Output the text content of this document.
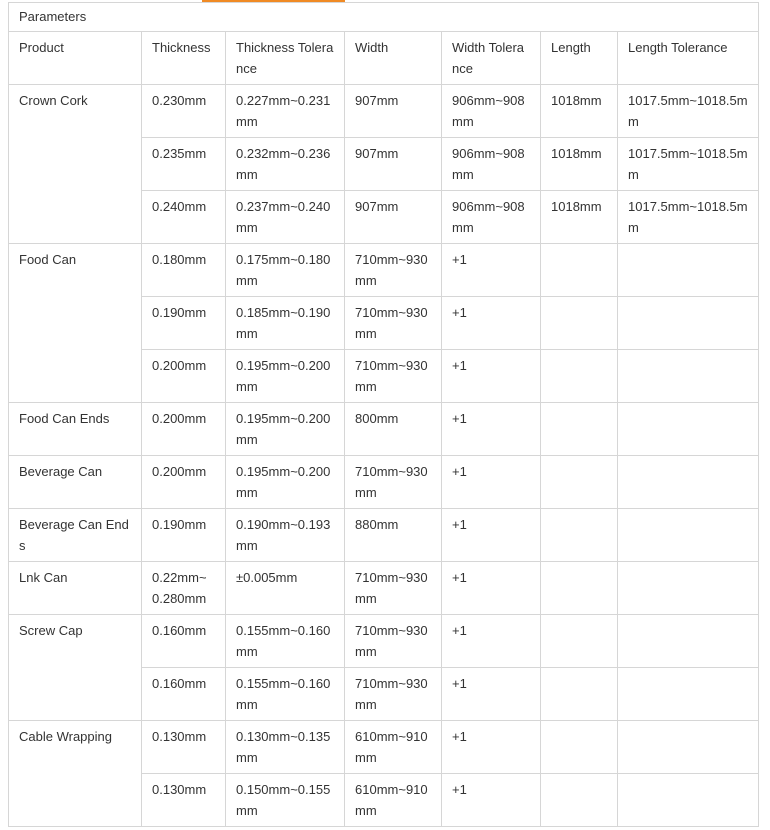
Parameters						
Product	Thickness	Thickness Tolerance	Width	Width Tolerance	Length	Length Tolerance
Crown Cork	0.230mm	0.227mm~0.231mm	907mm	906mm~908mm	1018mm	1017.5mm~1018.5mm
	0.235mm	0.232mm~0.236mm	907mm	906mm~908mm	1018mm	1017.5mm~1018.5mm
	0.240mm	0.237mm~0.240mm	907mm	906mm~908mm	1018mm	1017.5mm~1018.5mm
Food Can	0.180mm	0.175mm~0.180mm	710mm~930mm	+1		
	0.190mm	0.185mm~0.190mm	710mm~930mm	+1		
	0.200mm	0.195mm~0.200mm	710mm~930mm	+1		
Food Can Ends	0.200mm	0.195mm~0.200mm	800mm	+1		
Beverage Can	0.200mm	0.195mm~0.200mm	710mm~930mm	+1		
Beverage Can Ends	0.190mm	0.190mm~0.193mm	880mm	+1		
Lnk Can	0.22mm~0.280mm	±0.005mm	710mm~930mm	+1		
Screw Cap	0.160mm	0.155mm~0.160mm	710mm~930mm	+1		
	0.160mm	0.155mm~0.160mm	710mm~930mm	+1		
Cable Wrapping	0.130mm	0.130mm~0.135mm	610mm~910mm	+1		
	0.130mm	0.150mm~0.155mm	610mm~910mm	+1		
